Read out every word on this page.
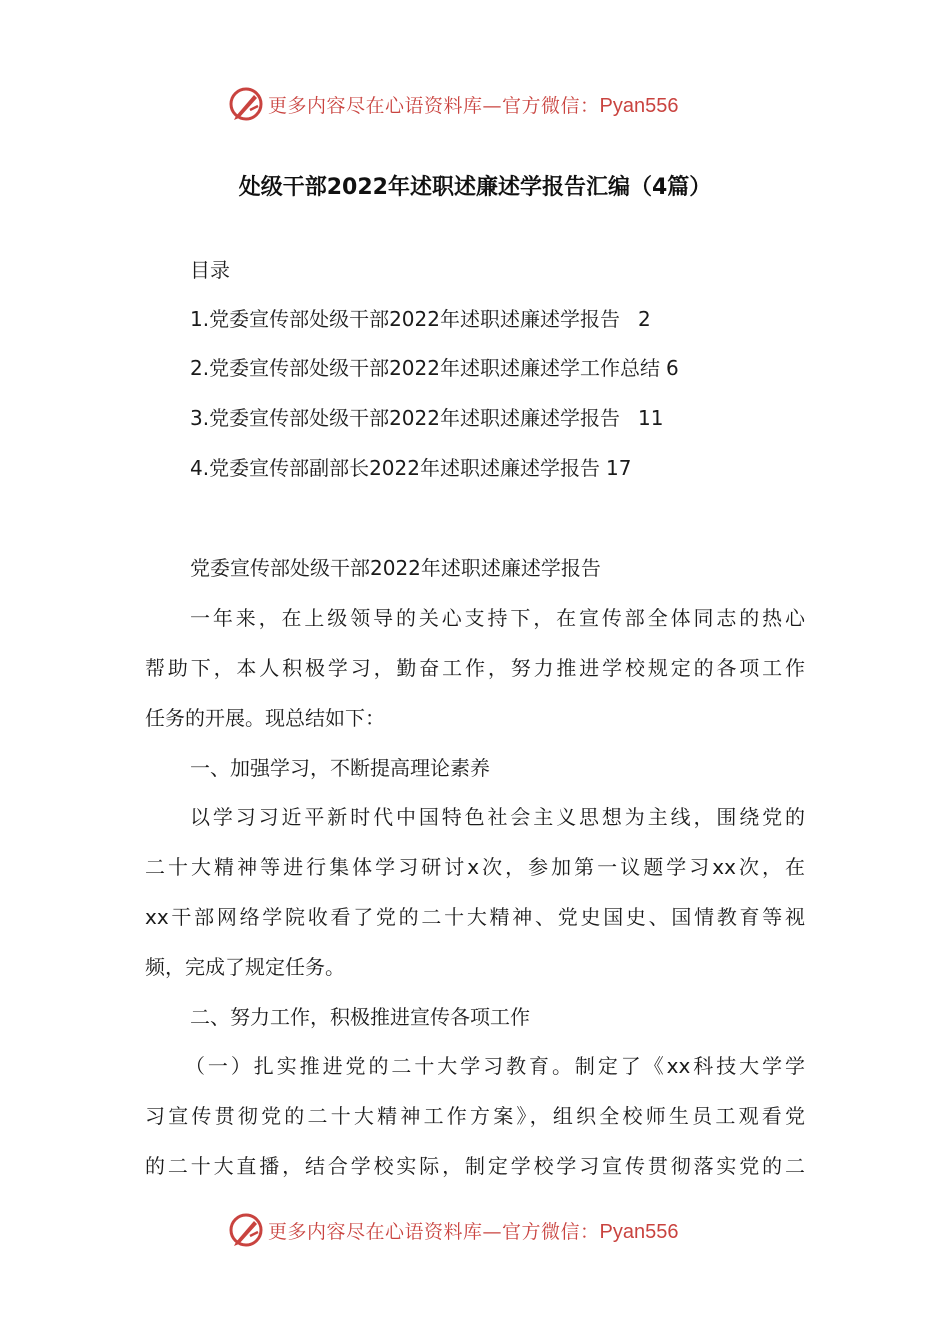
更多内容尽在心语资料库—官方微信：Pyan556
处级干部2022年述职述廉述学报告汇编（4篇）
目录
1.党委宣传部处级干部2022年述职述廉述学报告 2
2.党委宣传部处级干部2022年述职述廉述学工作总结 6
3.党委宣传部处级干部2022年述职述廉述学报告 11
4.党委宣传部副部长2022年述职述廉述学报告 17
党委宣传部处级干部2022年述职述廉述学报告
一年来，在上级领导的关心支持下，在宣传部全体同志的热心
帮助下，本人积极学习，勤奋工作，努力推进学校规定的各项工作
任务的开展。现总结如下：
一、加强学习，不断提高理论素养
以学习习近平新时代中国特色社会主义思想为主线，围绕党的
二十大精神等进行集体学习研讨x次，参加第一议题学习xx次，在
xx干部网络学院收看了党的二十大精神、党史国史、国情教育等视
频，完成了规定任务。
二、努力工作，积极推进宣传各项工作
（一）扎实推进党的二十大学习教育。制定了《xx科技大学学
习宣传贯彻党的二十大精神工作方案》，组织全校师生员工观看党
的二十大直播，结合学校实际，制定学校学习宣传贯彻落实党的二
更多内容尽在心语资料库—官方微信：Pyan556
